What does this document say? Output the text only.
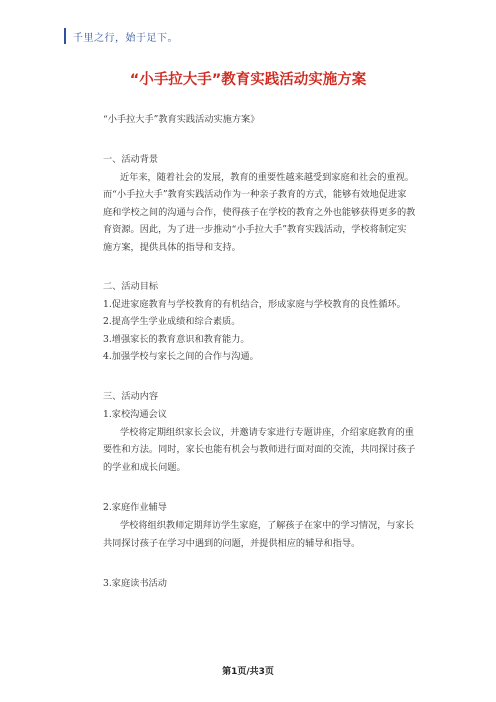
千里之行，始于足下。
“小手拉大手”教育实践活动实施方案
“小手拉大手”教育实践活动实施方案》
一、活动背景
近年来，随着社会的发展，教育的重要性越来越受到家庭和社会的重视。
而“小手拉大手”教育实践活动作为一种亲子教育的方式，能够有效地促进家
庭和学校之间的沟通与合作，使得孩子在学校的教育之外也能够获得更多的教
育资源。因此，为了进一步推动“小手拉大手”教育实践活动，学校将制定实
施方案，提供具体的指导和支持。
二、活动目标
1.促进家庭教育与学校教育的有机结合，形成家庭与学校教育的良性循环。
2.提高学生学业成绩和综合素质。
3.增强家长的教育意识和教育能力。
4.加强学校与家长之间的合作与沟通。
三、活动内容
1.家校沟通会议
学校将定期组织家长会议，并邀请专家进行专题讲座，介绍家庭教育的重
要性和方法。同时，家长也能有机会与教师进行面对面的交流，共同探讨孩子
的学业和成长问题。
2.家庭作业辅导
学校将组织教师定期拜访学生家庭，了解孩子在家中的学习情况，与家长
共同探讨孩子在学习中遇到的问题，并提供相应的辅导和指导。
3.家庭读书活动
第1页/共3页
